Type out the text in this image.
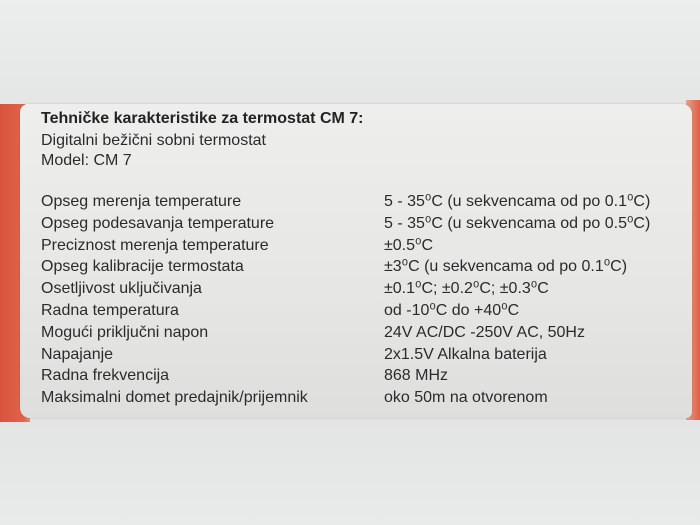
Tehničke karakteristike za termostat CM 7:

Digitalni bežični sobni termostat

Model: CM 7

Opseg merenja temperature	5 - 35⁰C (u sekvencama od po 0.1⁰C)
Opseg podesavanja temperature	5 - 35⁰C (u sekvencama od po 0.5⁰C)
Preciznost merenja temperature	±0.5⁰C
Opseg kalibracije termostata	±3⁰C (u sekvencama od po 0.1⁰C)
Osetljivost uključivanja	±0.1⁰C; ±0.2⁰C; ±0.3⁰C
Radna temperatura	od -10⁰C do +40⁰C
Mogući priključni napon	24V AC/DC -250V AC, 50Hz
Napajanje	2x1.5V Alkalna baterija
Radna frekvencija	868 MHz
Maksimalni domet predajnik/prijemnik	oko 50m na otvorenom
